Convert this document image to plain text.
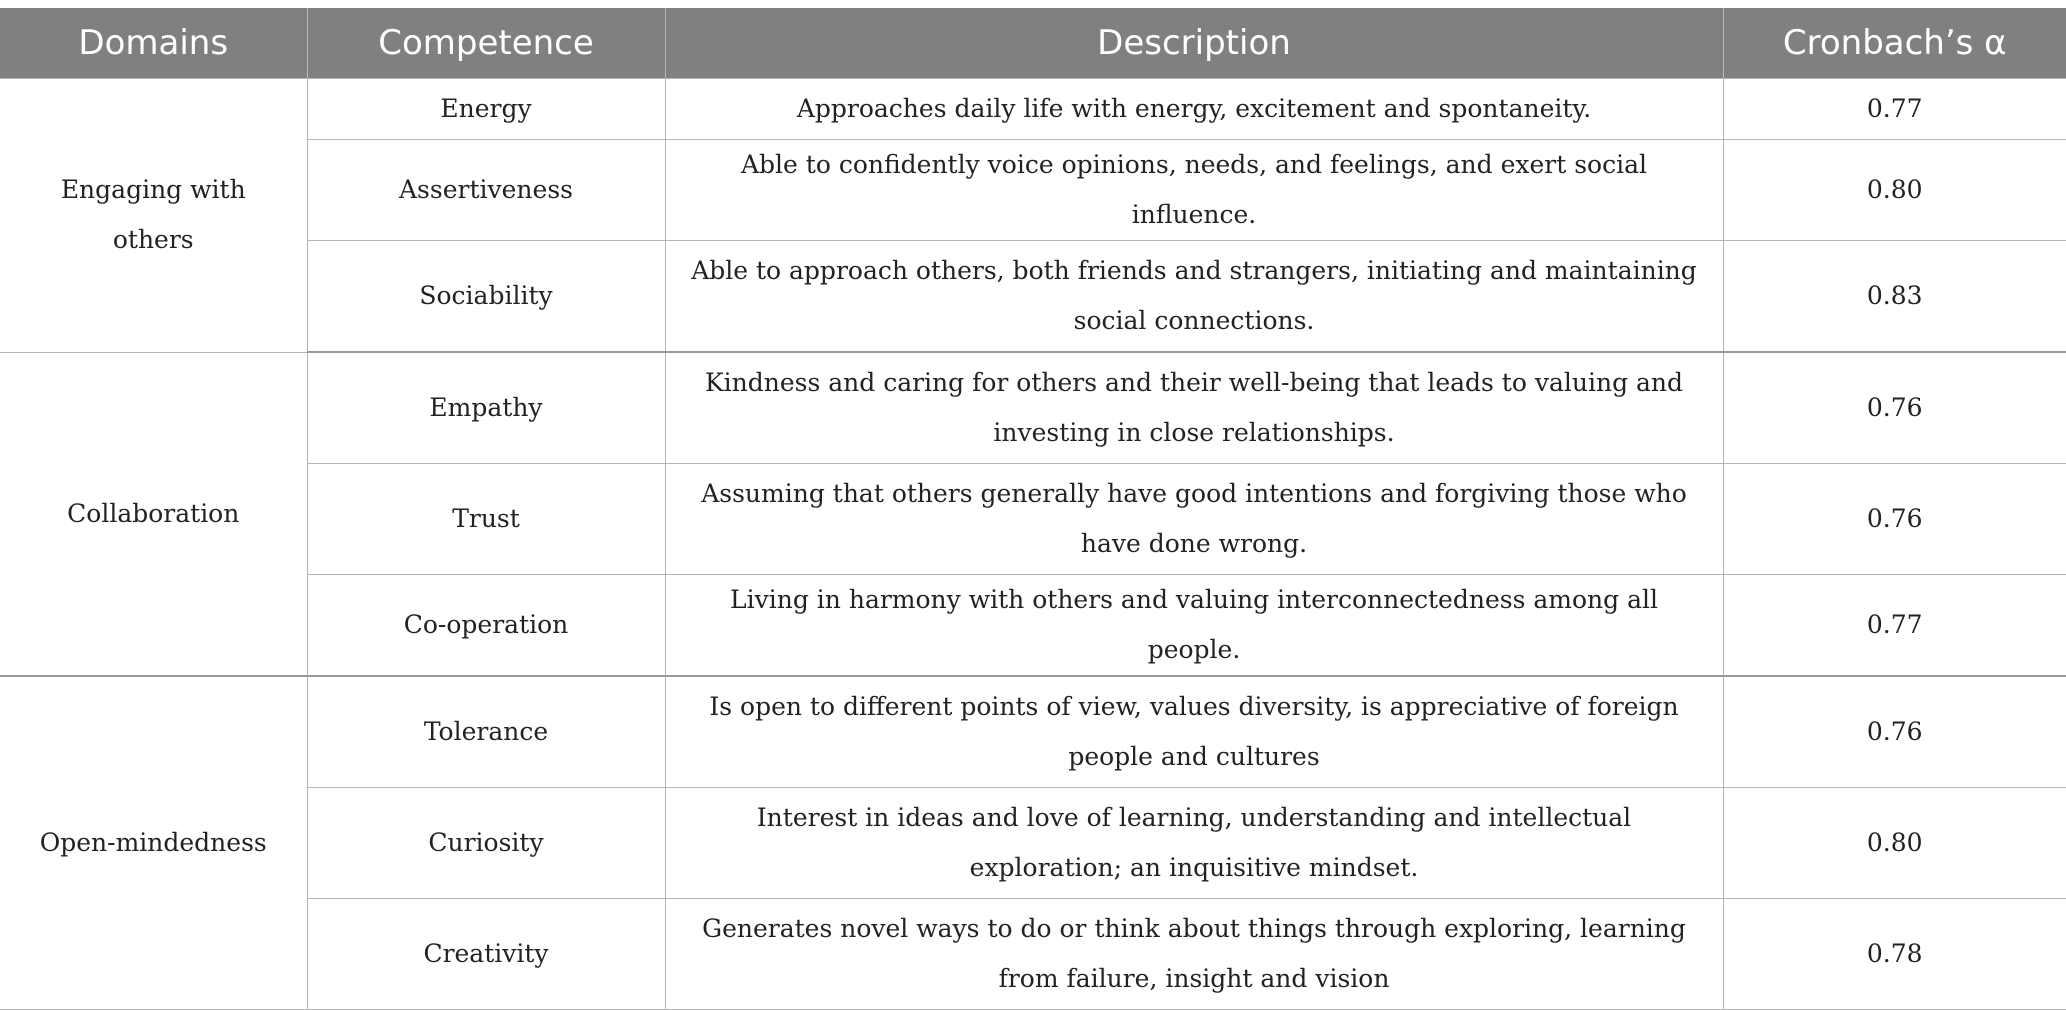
Domains	Competence	Description	Cronbach’s α
Engaging with others	Energy	Approaches daily life with energy, excitement and spontaneity.	0.77
	Assertiveness	Able to confidently voice opinions, needs, and feelings, and exert social influence.	0.80
	Sociability	Able to approach others, both friends and strangers, initiating and maintaining social connections.	0.83
Collaboration	Empathy	Kindness and caring for others and their well-being that leads to valuing and investing in close relationships.	0.76
	Trust	Assuming that others generally have good intentions and forgiving those who have done wrong.	0.76
	Co-operation	Living in harmony with others and valuing interconnectedness among all people.	0.77
Open-mindedness	Tolerance	Is open to different points of view, values diversity, is appreciative of foreign people and cultures	0.76
	Curiosity	Interest in ideas and love of learning, understanding and intellectual exploration; an inquisitive mindset.	0.80
	Creativity	Generates novel ways to do or think about things through exploring, learning from failure, insight and vision	0.78
